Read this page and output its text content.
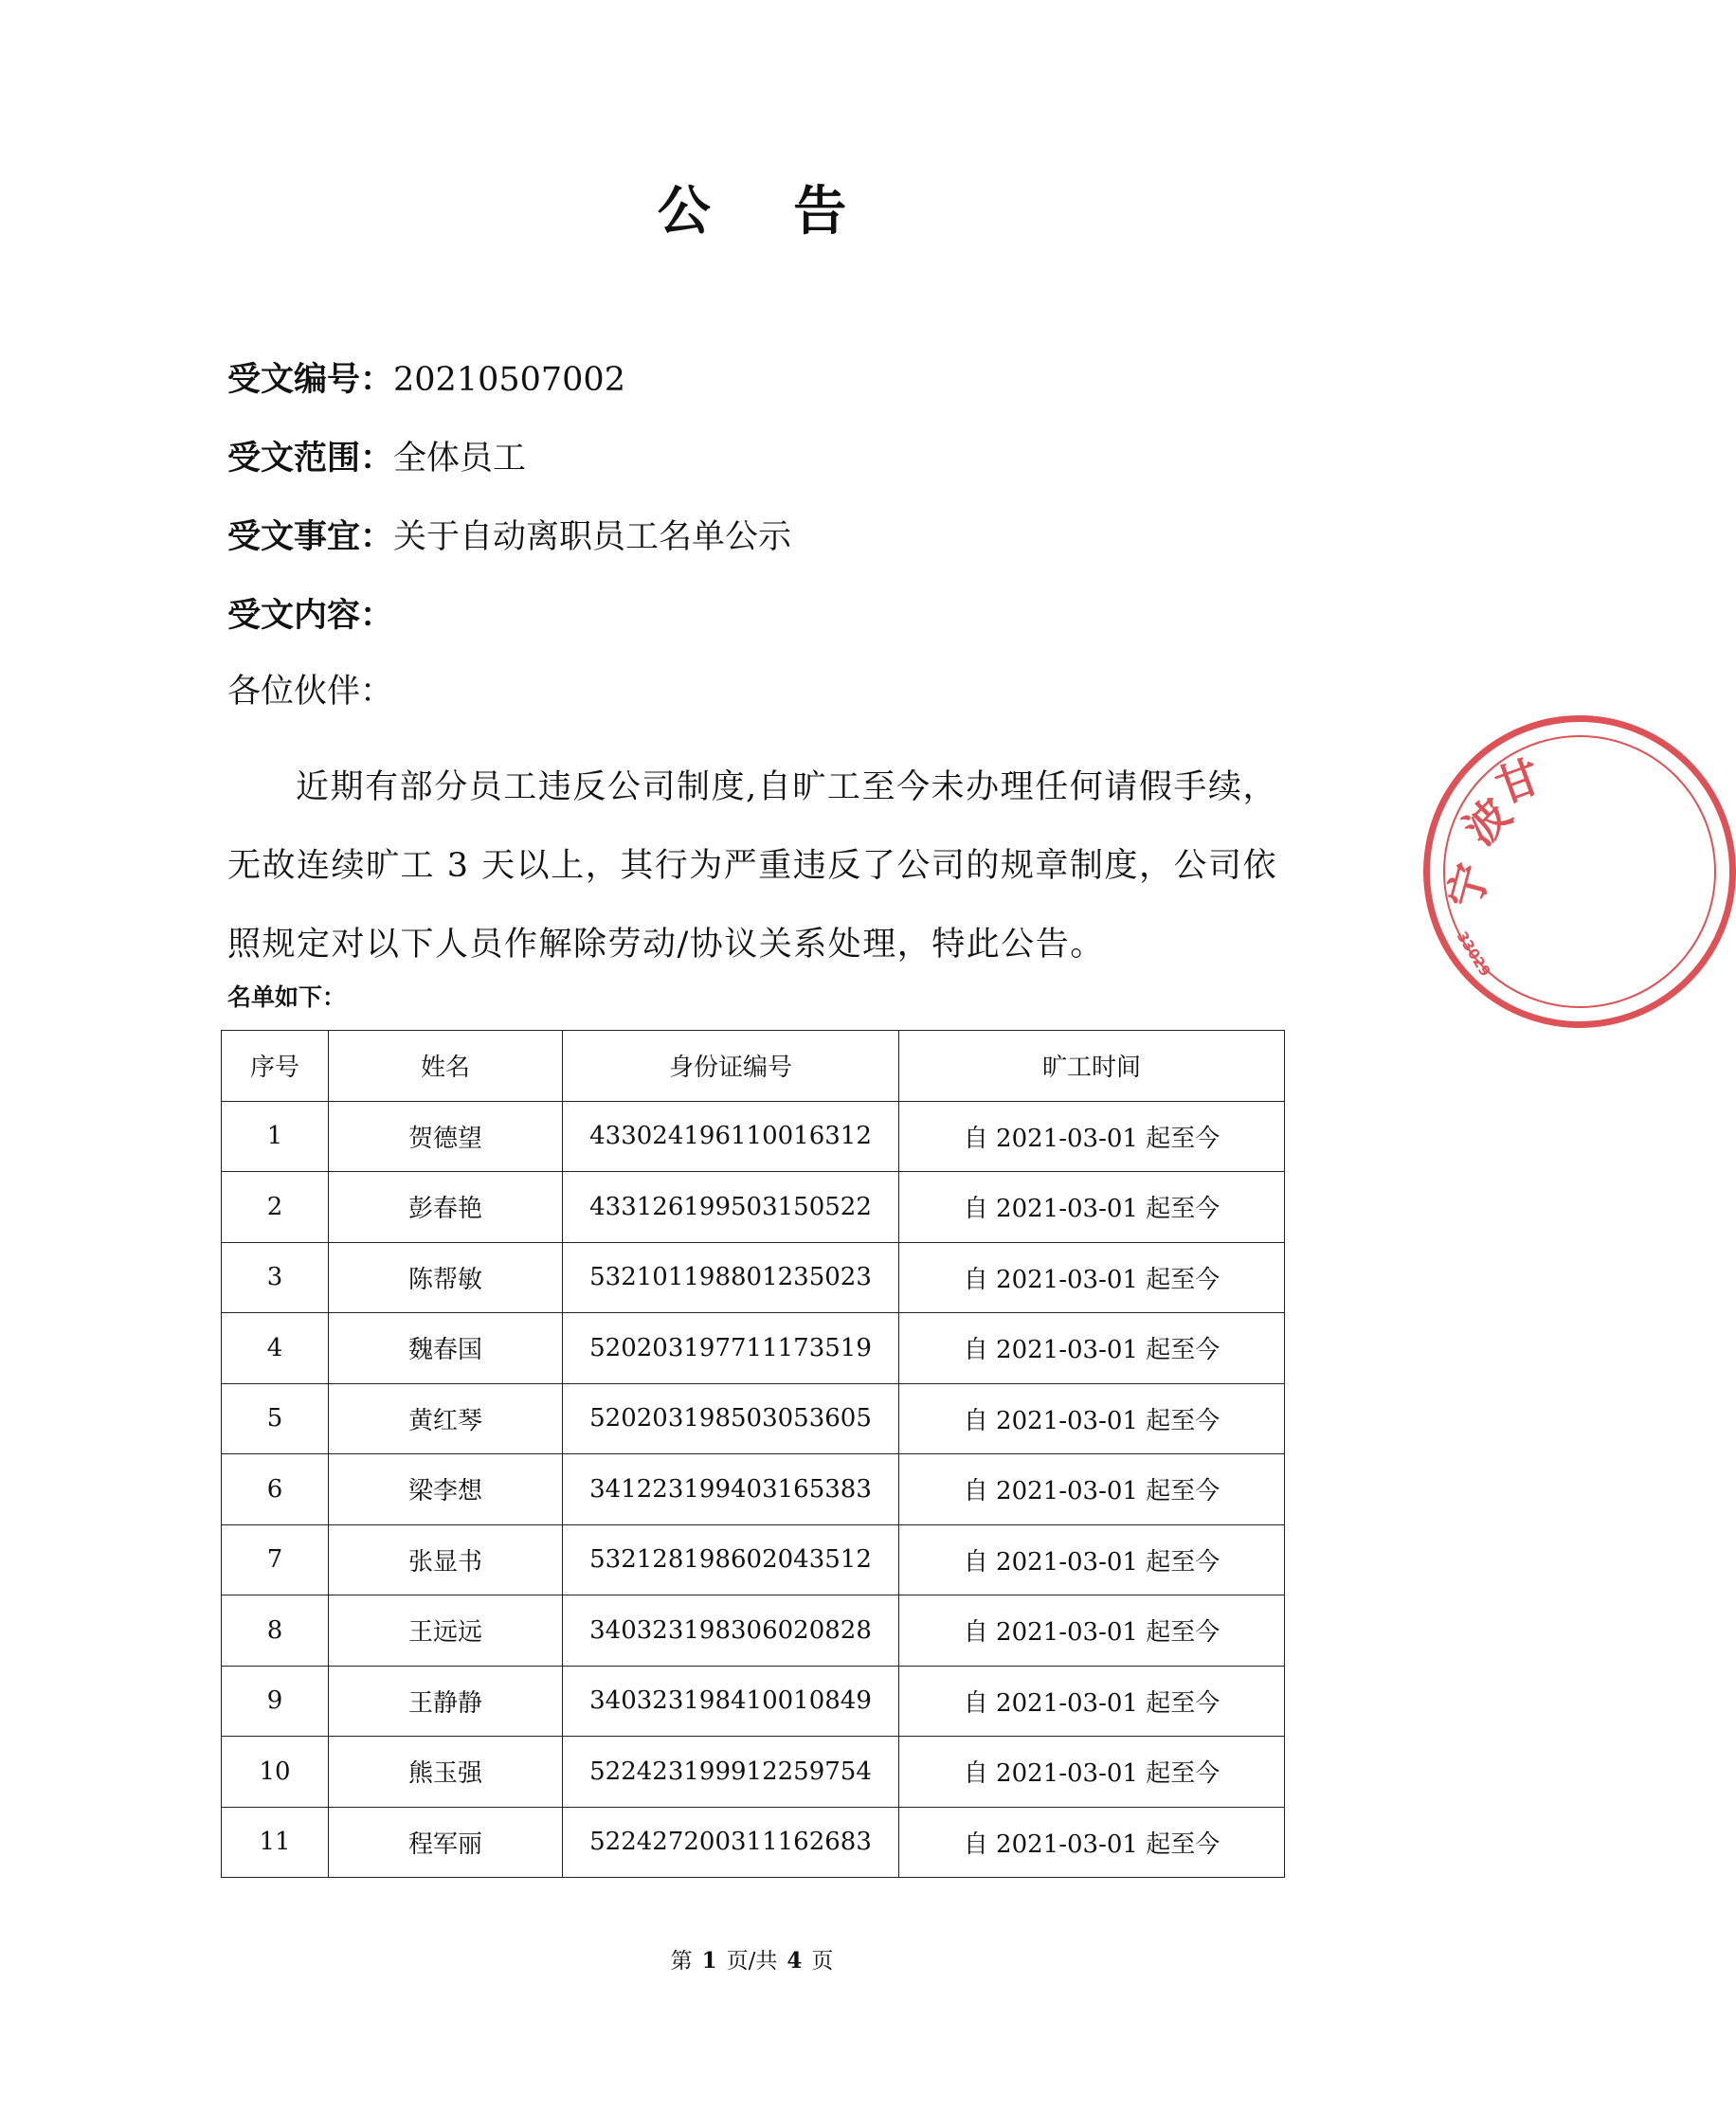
公 告
受文编号：20210507002
受文范围：全体员工
受文事宜：关于自动离职员工名单公示
受文内容：
各位伙伴：
近期有部分员工违反公司制度,自旷工至今未办理任何请假手续，无故连续旷工 3 天以上，其行为严重违反了公司的规章制度，公司依照规定对以下人员作解除劳动/协议关系处理，特此公告。
名单如下：
序号	姓名	身份证编号	旷工时间
1	贺德望	433024196110016312	自 2021-03-01 起至今
2	彭春艳	433126199503150522	自 2021-03-01 起至今
3	陈帮敏	532101198801235023	自 2021-03-01 起至今
4	魏春国	520203197711173519	自 2021-03-01 起至今
5	黄红琴	520203198503053605	自 2021-03-01 起至今
6	梁李想	341223199403165383	自 2021-03-01 起至今
7	张显书	532128198602043512	自 2021-03-01 起至今
8	王远远	340323198306020828	自 2021-03-01 起至今
9	王静静	340323198410010849	自 2021-03-01 起至今
10	熊玉强	522423199912259754	自 2021-03-01 起至今
11	程军丽	522427200311162683	自 2021-03-01 起至今
第 1 页/共 4 页
宁
波
甘
33029
